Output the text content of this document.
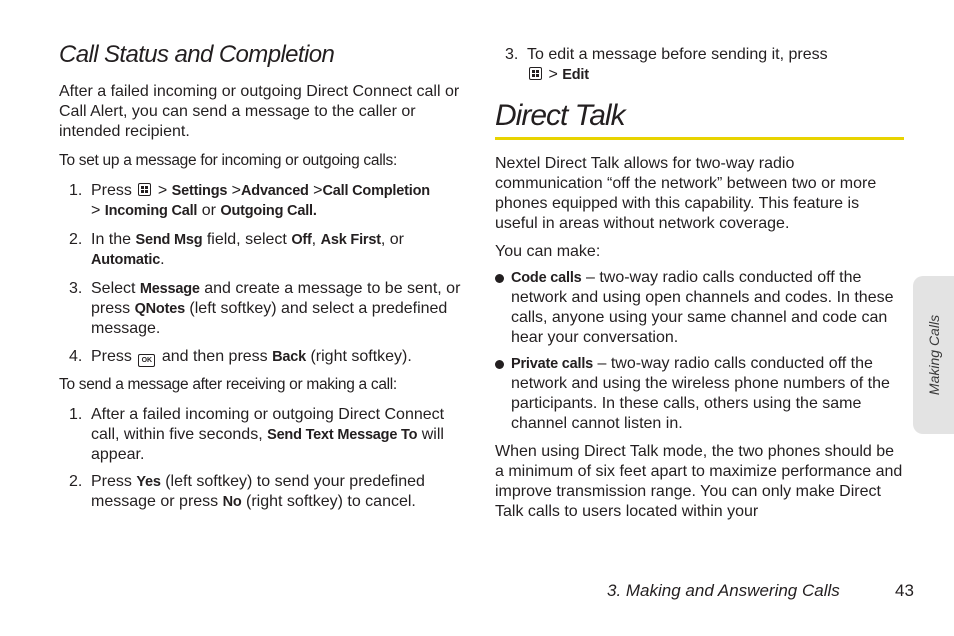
Call Status and Completion

After a failed incoming or outgoing Direct Connect call or Call Alert, you can send a message to the caller or intended recipient.

To set up a message for incoming or outgoing calls:

1. Press > Settings >Advanced >Call Completion
> Incoming Call or Outgoing Call.
2. In the Send Msg field, select Off, Ask First, or Automatic.
3. Select Message and create a message to be sent, or press QNotes (left softkey) and select a predefined message.
4. Press OK and then press Back (right softkey).

To send a message after receiving or making a call:

1. After a failed incoming or outgoing Direct Connect call, within five seconds, Send Text Message To will appear.
2. Press Yes (left softkey) to send your predefined message or press No (right softkey) to cancel.
3. To edit a message before sending it, press
> Edit
Direct Talk

Nextel Direct Talk allows for two-way radio communication “off the network” between two or more phones equipped with this capability. This feature is useful in areas without network coverage.

You can make:

Code calls – two-way radio calls conducted off the network and using open channels and codes. In these calls, anyone using your same channel and code can hear your conversation.
Private calls – two-way radio calls conducted off the network and using the wireless phone numbers of the participants. In these calls, others using the same channel cannot listen in.

When using Direct Talk mode, the two phones should be a minimum of six feet apart to maximize performance and improve transmission range. You can only make Direct Talk calls to users located within your

Making Calls
3. Making and Answering Calls	43
